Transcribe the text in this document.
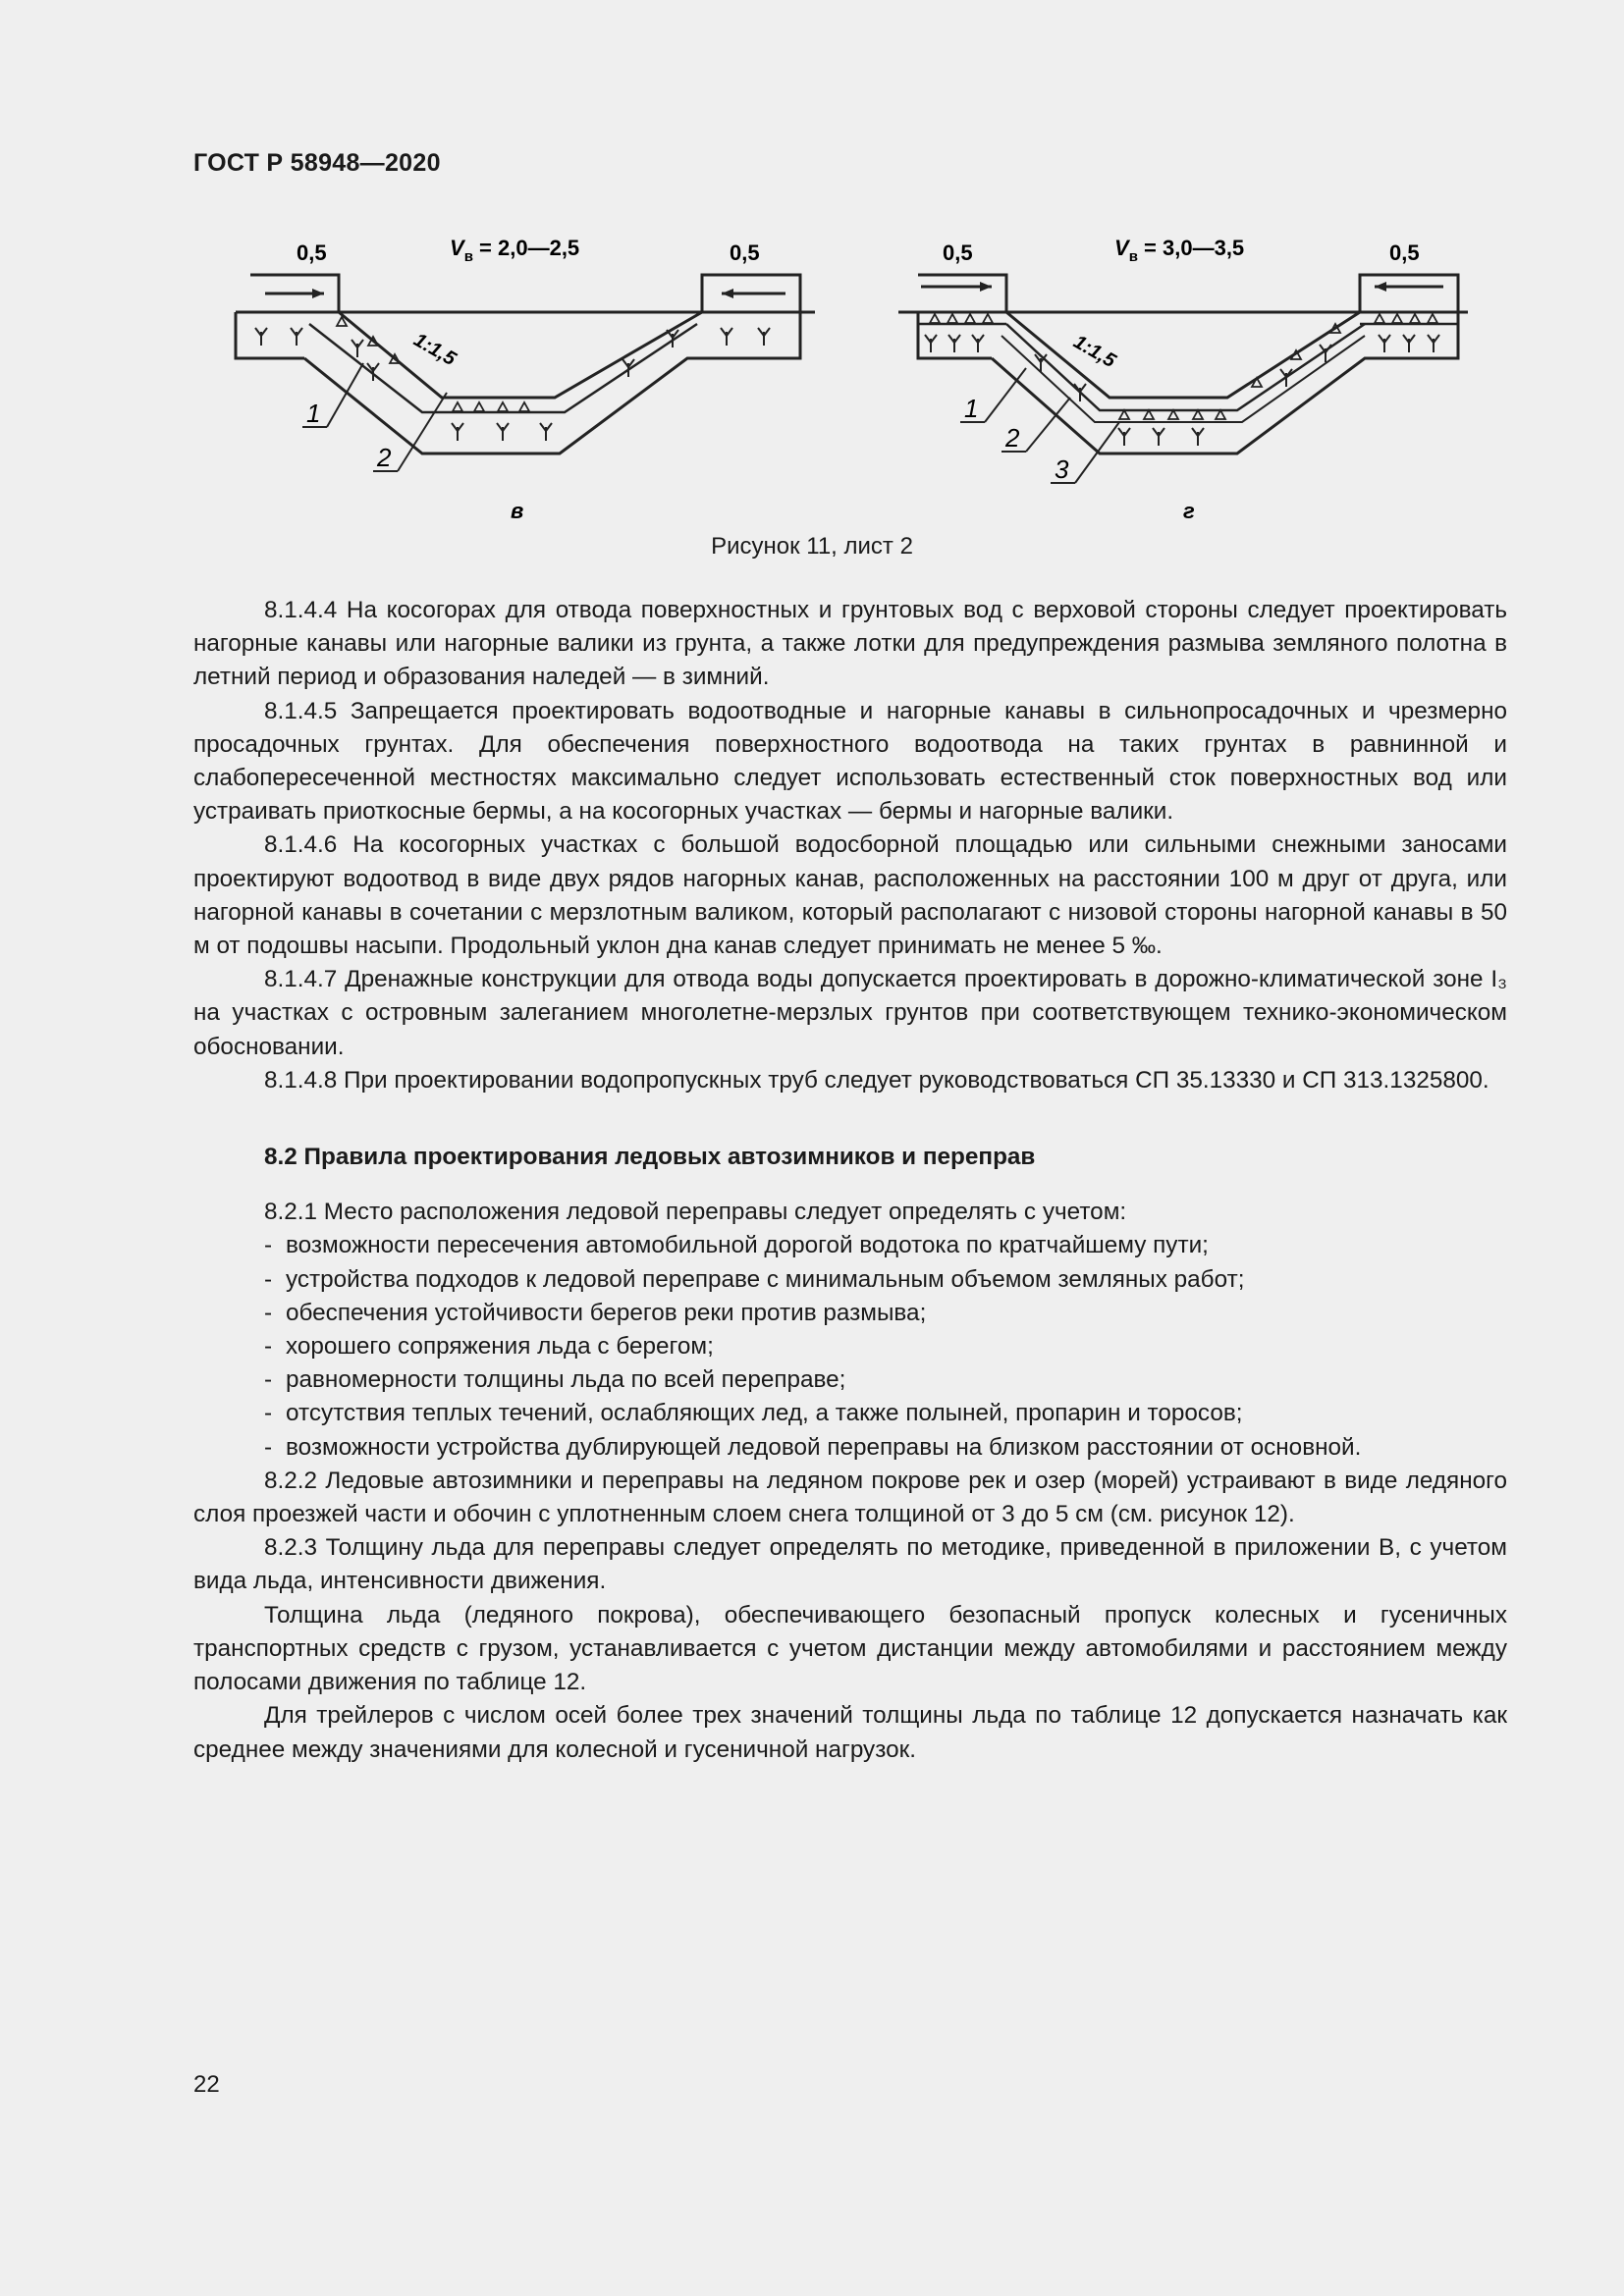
ГОСТ Р 58948—2020
0,5	0,5
$V_в$ = 2,0—2,5
1:1,5
1
2
в
0,5	0,5
$V_в$ = 3,0—3,5
1:1,5
1
2
3
г
Рисунок 11, лист 2

8.1.4.4 На косогорах для отвода поверхностных и грунтовых вод с верховой стороны следует проектировать нагорные канавы или нагорные валики из грунта, а также лотки для предупреждения размыва земляного полотна в летний период и образования наледей — в зимний.

8.1.4.5 Запрещается проектировать водоотводные и нагорные канавы в сильнопросадочных и чрезмерно просадочных грунтах. Для обеспечения поверхностного водоотвода на таких грунтах в равнинной и слабопересеченной местностях максимально следует использовать естественный сток поверхностных вод или устраивать приоткосные бермы, а на косогорных участках — бермы и нагорные валики.

8.1.4.6 На косогорных участках с большой водосборной площадью или сильными снежными заносами проектируют водоотвод в виде двух рядов нагорных канав, расположенных на расстоянии 100 м друг от друга, или нагорной канавы в сочетании с мерзлотным валиком, который располагают с низовой стороны нагорной канавы в 50 м от подошвы насыпи. Продольный уклон дна канав следует принимать не менее 5 ‰.

8.1.4.7 Дренажные конструкции для отвода воды допускается проектировать в дорожно-климатической зоне I₃ на участках с островным залеганием многолетне-мерзлых грунтов при соответствующем технико-экономическом обосновании.

8.1.4.8 При проектировании водопропускных труб следует руководствоваться СП 35.13330 и СП 313.1325800.

8.2 Правила проектирования ледовых автозимников и переправ

8.2.1 Место расположения ледовой переправы следует определять с учетом:

- возможности пересечения автомобильной дорогой водотока по кратчайшему пути;
- устройства подходов к ледовой переправе с минимальным объемом земляных работ;
- обеспечения устойчивости берегов реки против размыва;
- хорошего сопряжения льда с берегом;
- равномерности толщины льда по всей переправе;
- отсутствия теплых течений, ослабляющих лед, а также полыней, пропарин и торосов;
- возможности устройства дублирующей ледовой переправы на близком расстоянии от основной.

8.2.2 Ледовые автозимники и переправы на ледяном покрове рек и озер (морей) устраивают в виде ледяного слоя проезжей части и обочин с уплотненным слоем снега толщиной от 3 до 5 см (см. рисунок 12).

8.2.3 Толщину льда для переправы следует определять по методике, приведенной в приложении В, с учетом вида льда, интенсивности движения.

Толщина льда (ледяного покрова), обеспечивающего безопасный пропуск колесных и гусеничных транспортных средств с грузом, устанавливается с учетом дистанции между автомобилями и расстоянием между полосами движения по таблице 12.

Для трейлеров с числом осей более трех значений толщины льда по таблице 12 допускается назначать как среднее между значениями для колесной и гусеничной нагрузок.

22
